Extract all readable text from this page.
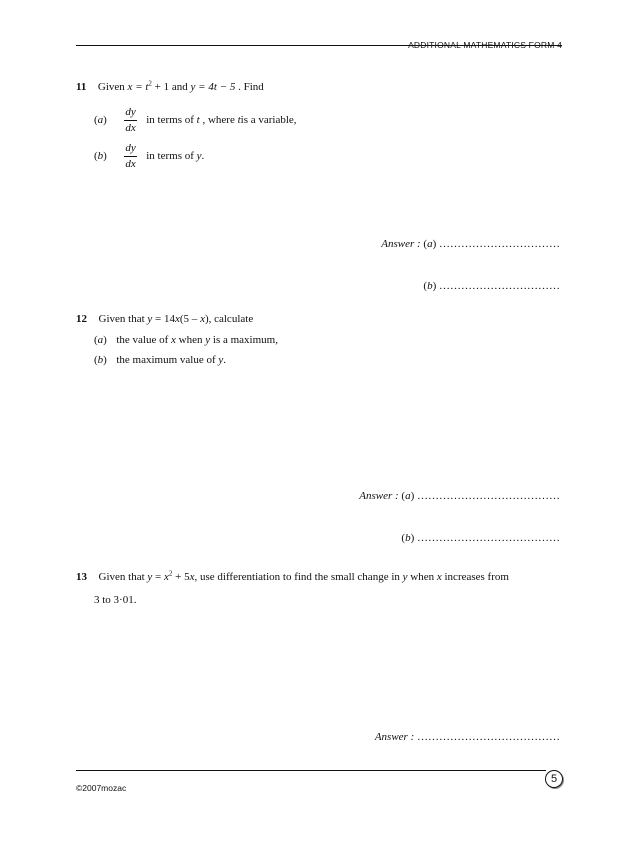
ADDITIONAL MATHEMATICS FORM 4
11 Given $x = t^2 + 1$ and y = 4t − 5 . Find
$(a) \frac{dy}{dx}$ in terms of t , where tis a variable,
$(b) \frac{dy}{dx}$ in terms of y.
Answer : (a) ……………………………
(b) ……………………………
12 Given that y = 14x(5 – x), calculate
(a)  the value of x when y is a maximum,
(b)  the maximum value of y.
Answer : (a) …………………………………
(b) …………………………………
13 Given that $y = x^2 + 5x$, use differentiation to find the small change in y when x increases from
3 to 3·01.
Answer : …………………………………
©2007mozac
5
